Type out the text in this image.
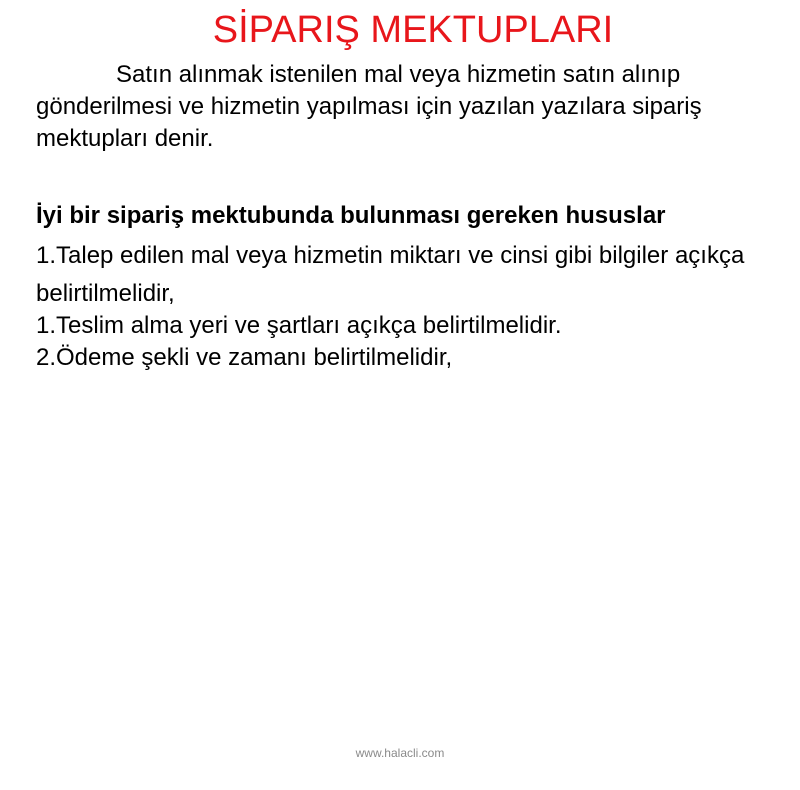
SİPARIŞ MEKTUPLARI

Satın alınmak istenilen mal veya hizmetin satın alınıp gönderilmesi ve hizmetin yapılması için yazılan yazılara sipariş mektupları denir.

İyi bir sipariş mektubunda bulunması gereken hususlar

1.Talep edilen mal veya hizmetin miktarı ve cinsi gibi bilgiler açıkça
belirtilmelidir,
1.Teslim alma yeri ve şartları açıkça belirtilmelidir.
2.Ödeme şekli ve zamanı belirtilmelidir,
www.halacli.com
